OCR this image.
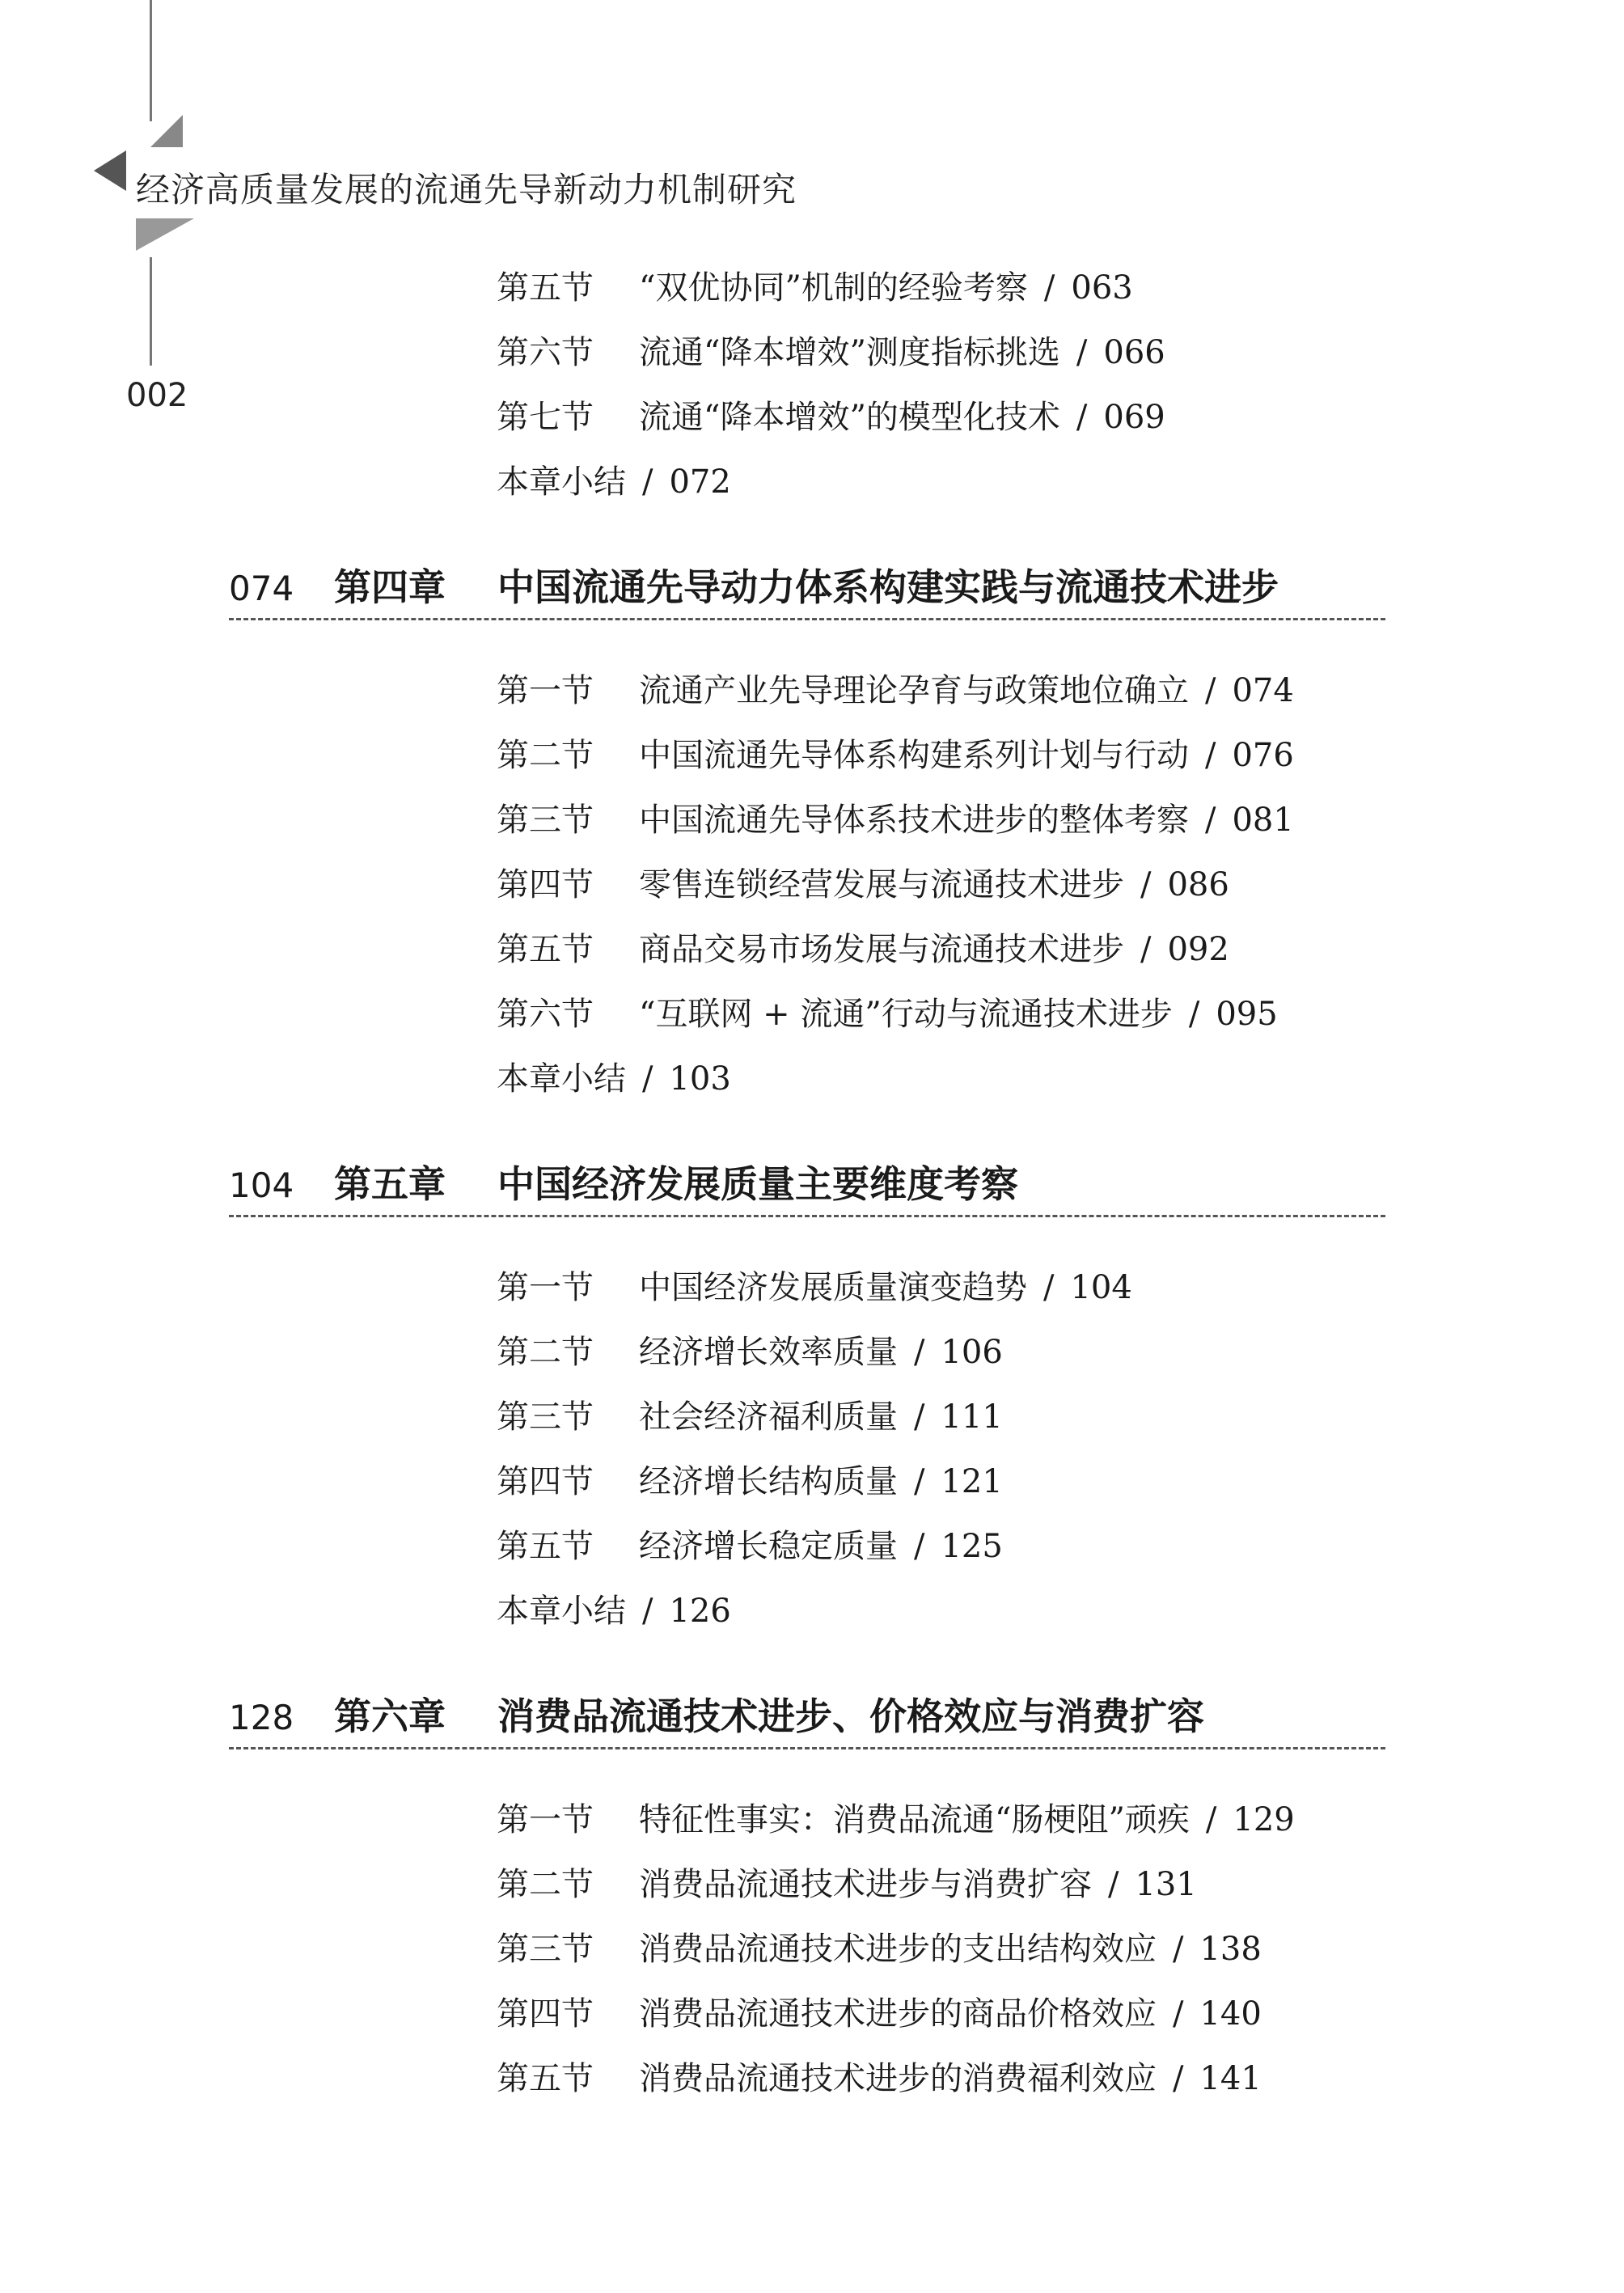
经济高质量发展的流通先导新动力机制研究
002
第五节 “双优协同”机制的经验考察 / 063
第六节 流通“降本增效”测度指标挑选 / 066
第七节 流通“降本增效”的模型化技术 / 069
本章小结 / 072
074 第四章 中国流通先导动力体系构建实践与流通技术进步
第一节 流通产业先导理论孕育与政策地位确立 / 074
第二节 中国流通先导体系构建系列计划与行动 / 076
第三节 中国流通先导体系技术进步的整体考察 / 081
第四节 零售连锁经营发展与流通技术进步 / 086
第五节 商品交易市场发展与流通技术进步 / 092
第六节 “互联网 + 流通”行动与流通技术进步 / 095
本章小结 / 103
104 第五章 中国经济发展质量主要维度考察
第一节 中国经济发展质量演变趋势 / 104
第二节 经济增长效率质量 / 106
第三节 社会经济福利质量 / 111
第四节 经济增长结构质量 / 121
第五节 经济增长稳定质量 / 125
本章小结 / 126
128 第六章 消费品流通技术进步、价格效应与消费扩容
第一节 特征性事实：消费品流通“肠梗阻”顽疾 / 129
第二节 消费品流通技术进步与消费扩容 / 131
第三节 消费品流通技术进步的支出结构效应 / 138
第四节 消费品流通技术进步的商品价格效应 / 140
第五节 消费品流通技术进步的消费福利效应 / 141
